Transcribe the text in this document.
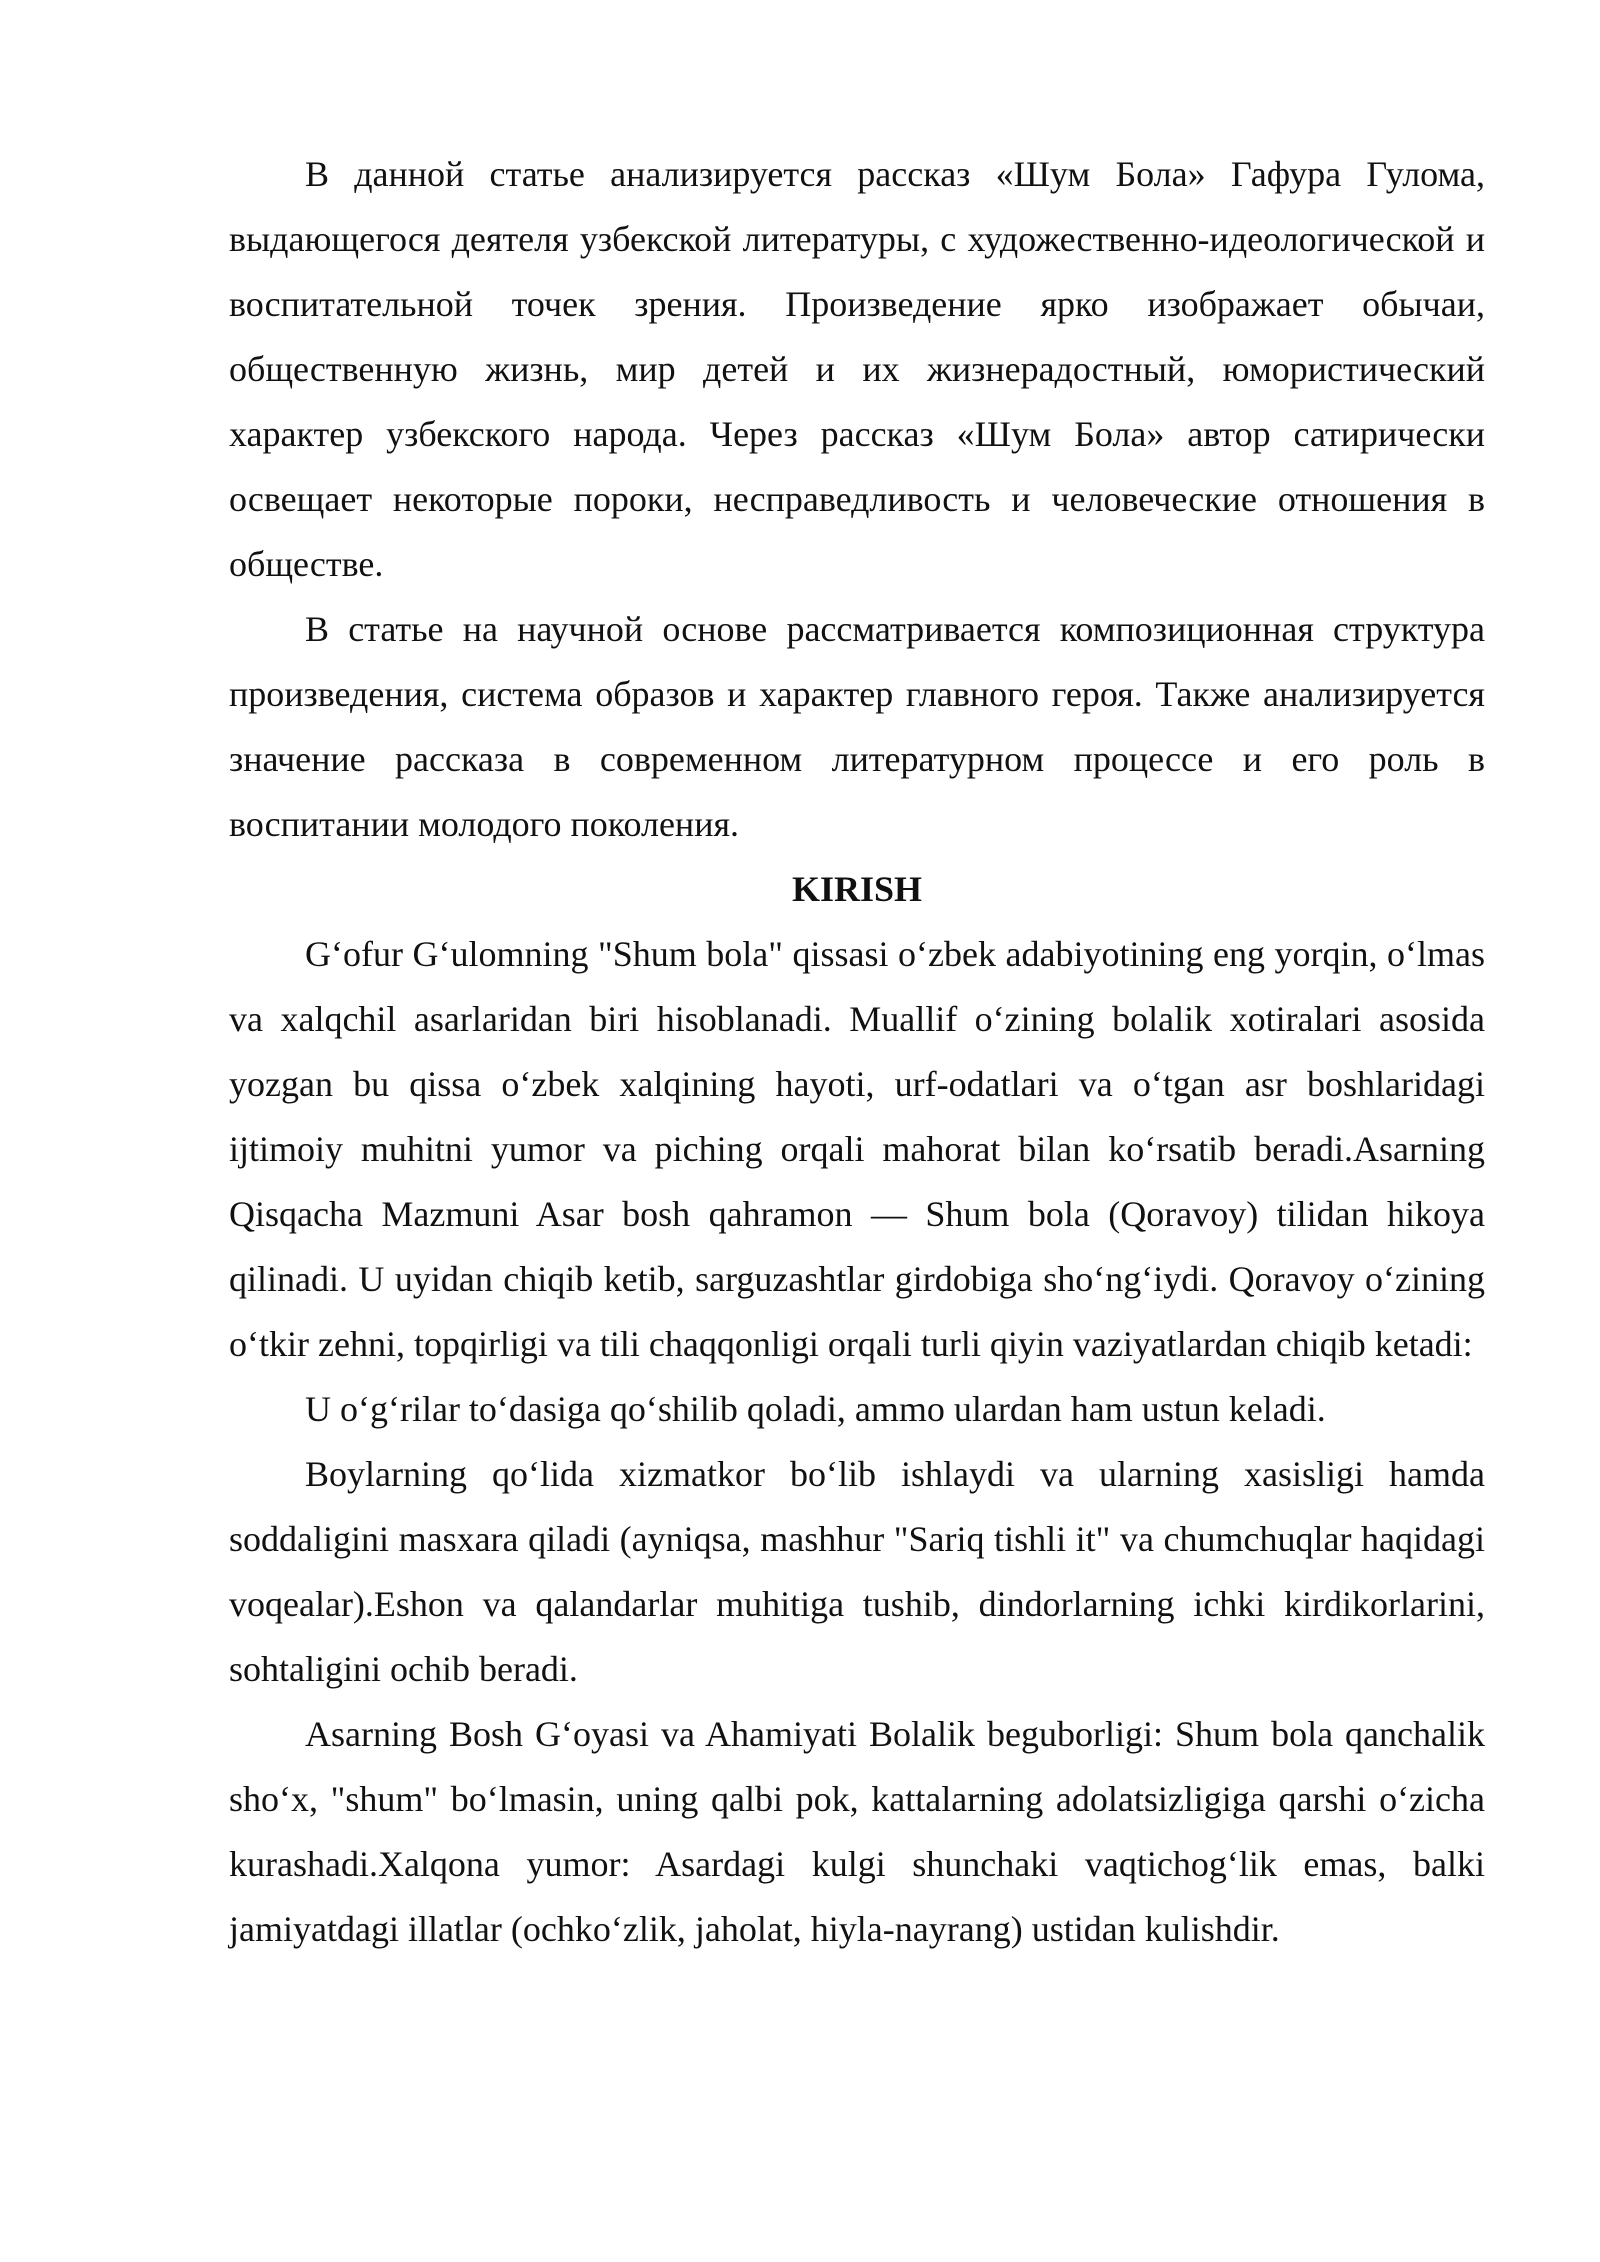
В данной статье анализируется рассказ «Шум Бола» Гафура Гулома, выдающегося деятеля узбекской литературы, с художественно-идеологической и воспитательной точек зрения. Произведение ярко изображает обычаи, общественную жизнь, мир детей и их жизнерадостный, юмористический характер узбекского народа. Через рассказ «Шум Бола» автор сатирически освещает некоторые пороки, несправедливость и человеческие отношения в обществе.

В статье на научной основе рассматривается композиционная структура произведения, система образов и характер главного героя. Также анализируется значение рассказа в современном литературном процессе и его роль в воспитании молодого поколения.

KIRISH

Gʻofur Gʻulomning "Shum bola" qissasi oʻzbek adabiyotining eng yorqin, oʻlmas va xalqchil asarlaridan biri hisoblanadi. Muallif oʻzining bolalik xotiralari asosida yozgan bu qissa oʻzbek xalqining hayoti, urf-odatlari va oʻtgan asr boshlaridagi ijtimoiy muhitni yumor va piching orqali mahorat bilan koʻrsatib beradi.Asarning Qisqacha Mazmuni Asar bosh qahramon — Shum bola (Qoravoy) tilidan hikoya qilinadi. U uyidan chiqib ketib, sarguzashtlar girdobiga shoʻngʻiydi. Qoravoy oʻzining oʻtkir zehni, topqirligi va tili chaqqonligi orqali turli qiyin vaziyatlardan chiqib ketadi:

U oʻgʻrilar toʻdasiga qoʻshilib qoladi, ammo ulardan ham ustun keladi.

Boylarning qoʻlida xizmatkor boʻlib ishlaydi va ularning xasisligi hamda soddaligini masxara qiladi (ayniqsa, mashhur "Sariq tishli it" va chumchuqlar haqidagi voqealar).Eshon va qalandarlar muhitiga tushib, dindorlarning ichki kirdikorlarini, sohtaligini ochib beradi.

Asarning Bosh Gʻoyasi va Ahamiyati Bolalik beguborligi: Shum bola qanchalik shoʻx, "shum" boʻlmasin, uning qalbi pok, kattalarning adolatsizligiga qarshi oʻzicha kurashadi.Xalqona yumor: Asardagi kulgi shunchaki vaqtichogʻlik emas, balki jamiyatdagi illatlar (ochkoʻzlik, jaholat, hiyla-nayrang) ustidan kulishdir.
